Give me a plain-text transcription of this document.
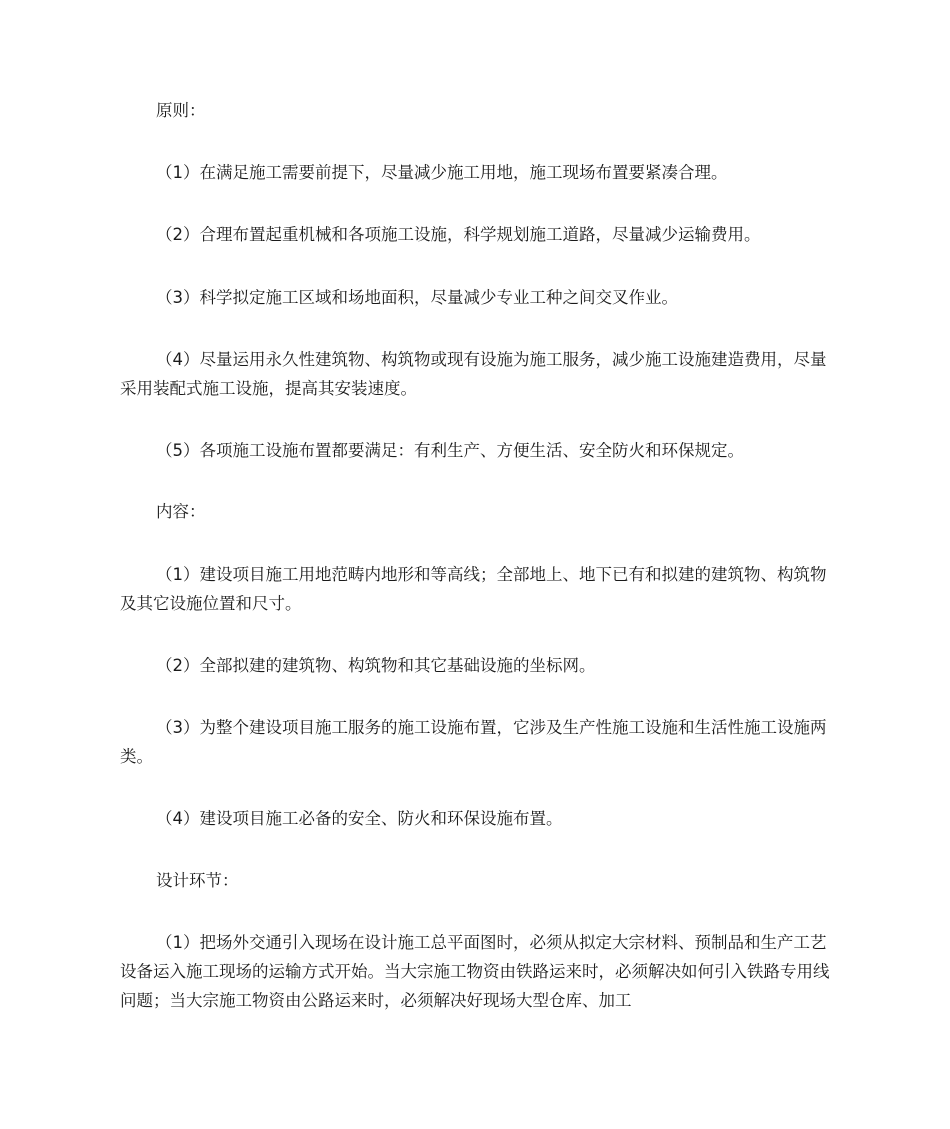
原则：

（1）在满足施工需要前提下，尽量减少施工用地，施工现场布置要紧凑合理。

（2）合理布置起重机械和各项施工设施，科学规划施工道路，尽量减少运输费用。

（3）科学拟定施工区域和场地面积，尽量减少专业工种之间交叉作业。

（4）尽量运用永久性建筑物、构筑物或现有设施为施工服务，减少施工设施建造费用，尽量采用装配式施工设施，提高其安装速度。

（5）各项施工设施布置都要满足：有利生产、方便生活、安全防火和环保规定。

内容：

（1）建设项目施工用地范畴内地形和等高线；全部地上、地下已有和拟建的建筑物、构筑物及其它设施位置和尺寸。

（2）全部拟建的建筑物、构筑物和其它基础设施的坐标网。

（3）为整个建设项目施工服务的施工设施布置，它涉及生产性施工设施和生活性施工设施两类。

（4）建设项目施工必备的安全、防火和环保设施布置。

设计环节：

（1）把场外交通引入现场在设计施工总平面图时，必须从拟定大宗材料、预制品和生产工艺设备运入施工现场的运输方式开始。当大宗施工物资由铁路运来时，必须解决如何引入铁路专用线问题；当大宗施工物资由公路运来时，必须解决好现场大型仓库、加工
